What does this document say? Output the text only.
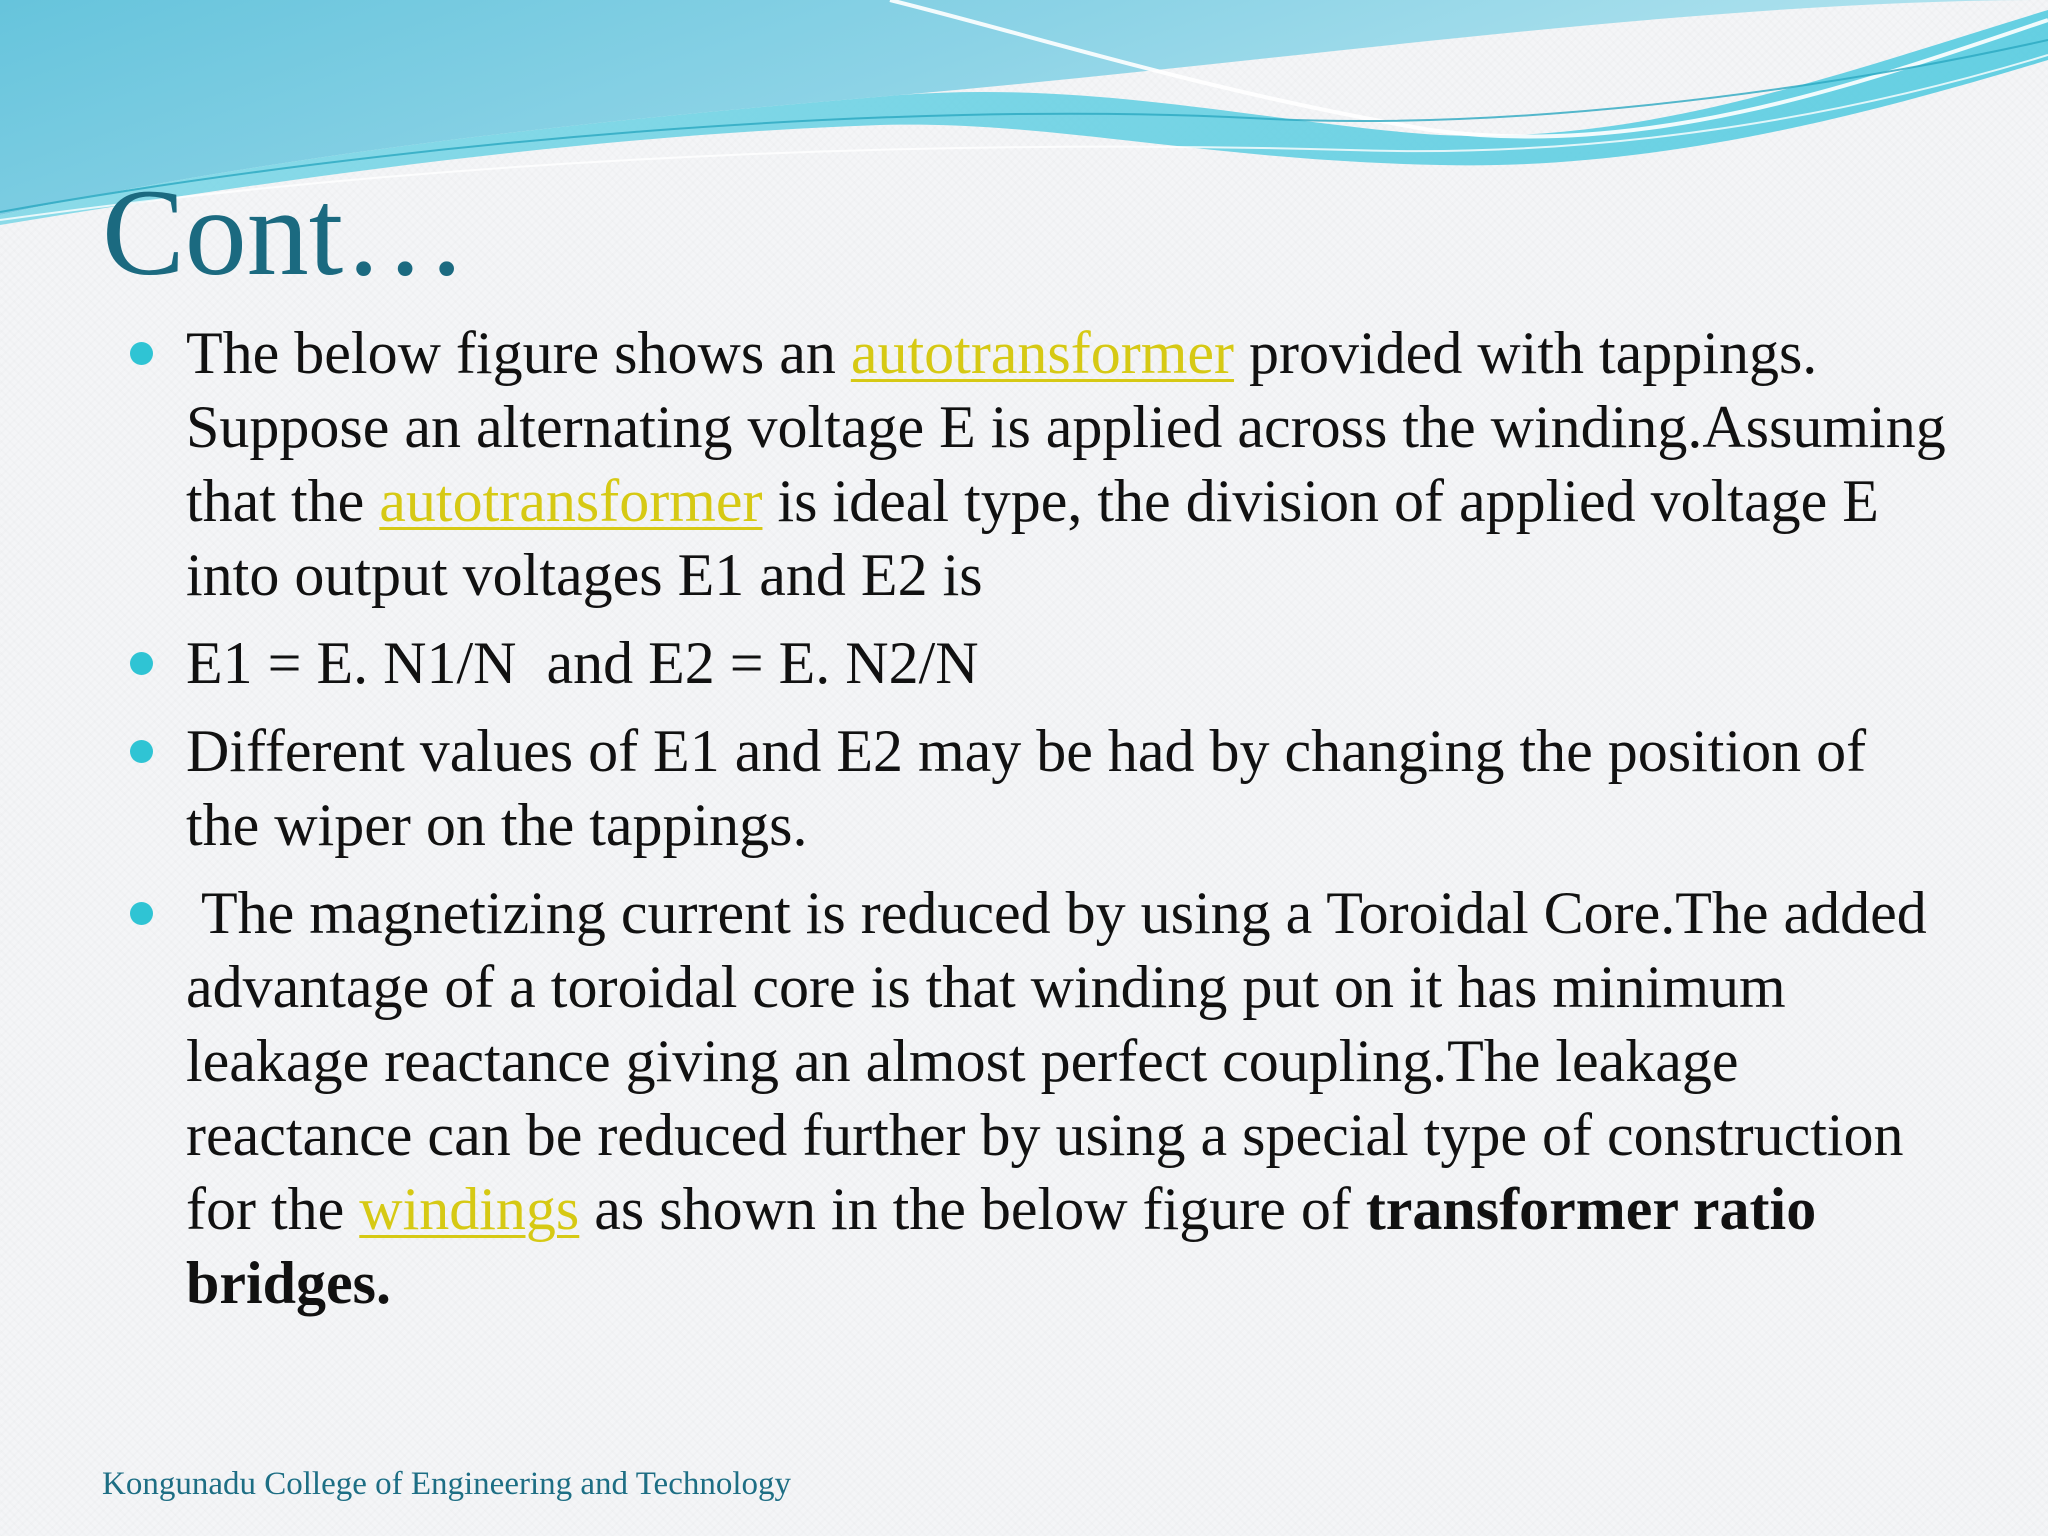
Cont…
The below figure shows an autotransformer provided with tappings. Suppose an alternating voltage E is applied across the winding.Assuming that the autotransformer is ideal type, the division of applied voltage E into output voltages E1 and E2 is
E1 = E. N1/N  and E2 = E. N2/N
Different values of E1 and E2 may be had by changing the position of the wiper on the tappings.
The magnetizing current is reduced by using a Toroidal Core.The added advantage of a toroidal core is that winding put on it has minimum leakage reactance giving an almost perfect coupling.The leakage reactance can be reduced further by using a special type of construction for the windings as shown in the below figure of transformer ratio bridges.
Kongunadu College of Engineering and Technology
